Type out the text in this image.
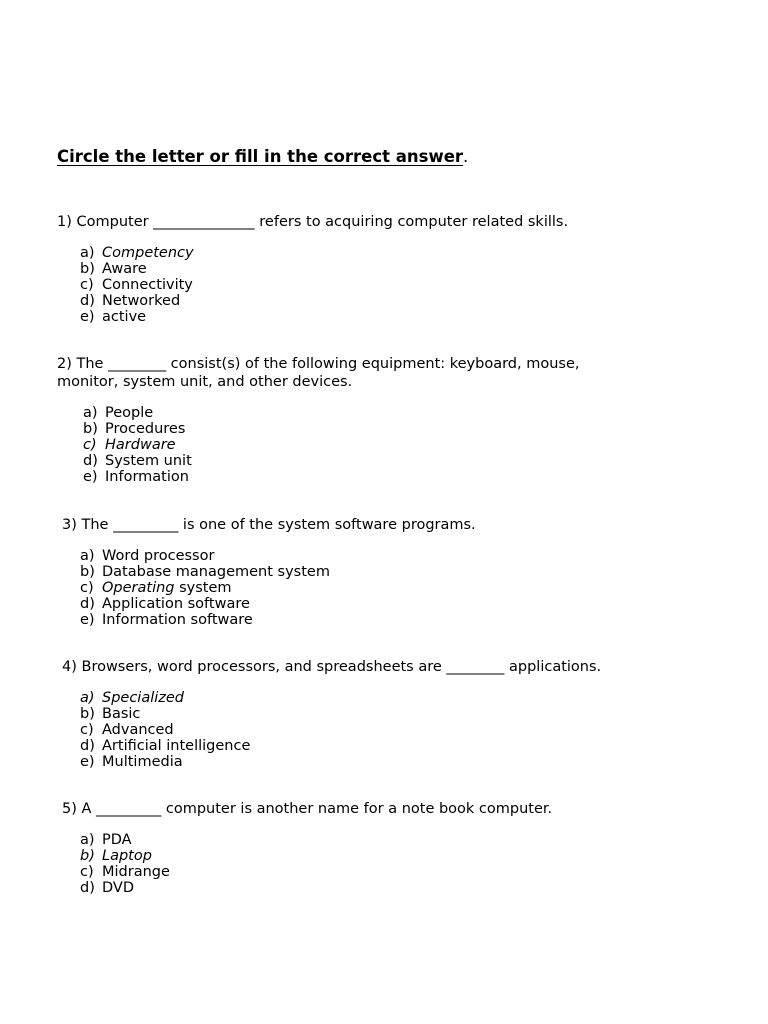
Circle the letter or fill in the correct answer.
1) Computer ______________ refers to acquiring computer related skills.
a) Competency
b) Aware
c) Connectivity
d) Networked
e) active
2) The ________ consist(s) of the following equipment: keyboard, mouse,
monitor, system unit, and other devices.
a) People
b) Procedures
c) Hardware
d) System unit
e) Information
3) The _________ is one of the system software programs.
a) Word processor
b) Database management system
c) Operating system
d) Application software
e) Information software
4) Browsers, word processors, and spreadsheets are ________ applications.
a) Specialized
b) Basic
c) Advanced
d) Artificial intelligence
e) Multimedia
5) A _________ computer is another name for a note book computer.
a) PDA
b) Laptop
c) Midrange
d) DVD
